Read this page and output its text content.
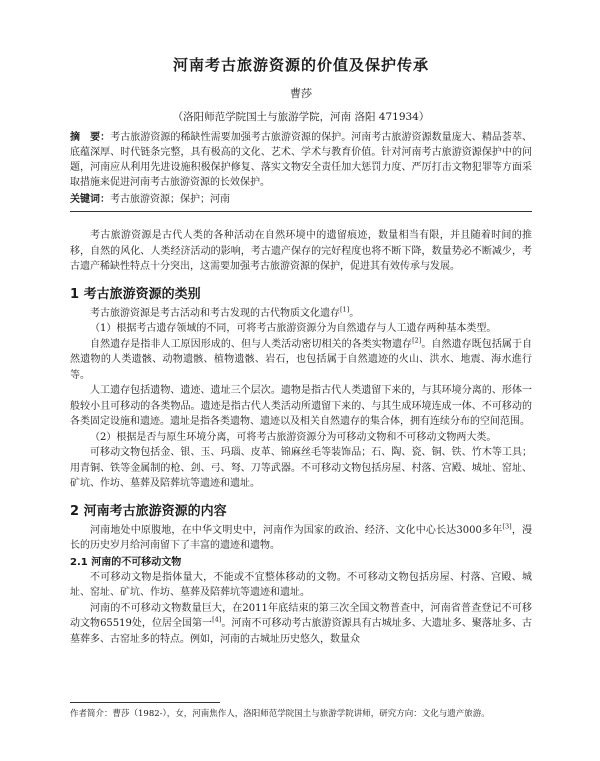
河南考古旅游资源的价值及保护传承
曹莎
（洛阳师范学院国土与旅游学院，河南 洛阳 471934）
摘　要：考古旅游资源的稀缺性需要加强考古旅游资源的保护。河南考古旅游资源数量庞大、精品荟萃、底蕴深厚、时代链条完整，具有极高的文化、艺术、学术与教育价值。针对河南考古旅游资源保护中的问题，河南应从利用先进设施积极保护修复、落实文物安全责任加大惩罚力度、严厉打击文物犯罪等方面采取措施来促进河南考古旅游资源的长效保护。
关键词：考古旅游资源；保护；河南

考古旅游资源是古代人类的各种活动在自然环境中的遗留痕迹，数量相当有限，并且随着时间的推移，自然的风化、人类经济活动的影响，考古遗产保存的完好程度也将不断下降，数量势必不断减少，考古遗产稀缺性特点十分突出，这需要加强考古旅游资源的保护，促进其有效传承与发展。

1 考古旅游资源的类别

考古旅游资源是考古活动和考古发现的古代物质文化遗存[1]。

（1）根据考古遗存领域的不同，可将考古旅游资源分为自然遗存与人工遗存两种基本类型。

自然遗存是指非人工原因形成的、但与人类活动密切相关的各类实物遗存[2]。自然遗存既包括属于自然遗物的人类遗骸、动物遗骸、植物遗骸、岩石，也包括属于自然遗迹的火山、洪水、地震、海水進行等。

人工遗存包括遗物、遗迹、遗址三个层次。遗物是指古代人类遗留下来的，与其环境分离的、形体一般较小且可移动的各类物品。遗迹是指古代人类活动所遗留下来的、与其生成环境连成一体、不可移动的各类固定设施和遗迹。遗址是指各类遗物、遗迹以及相关自然遗存的集合体，拥有连续分布的空间范围。

（2）根据是否与原生环境分离，可将考古旅游资源分为可移动文物和不可移动文物两大类。

可移动文物包括金、银、玉、玛瑙、皮革、锦麻丝毛等装饰品；石、陶、瓷、铜、铁、竹木等工具；用青铜、铁等金属制的枪、剑、弓、弩、刀等武器。不可移动文物包括房屋、村落、宫殿、城址、窑址、矿坑、作坊、墓葬及陪葬坑等遗迹和遗址。

2 河南考古旅游资源的内容

河南地处中原腹地，在中华文明史中，河南作为国家的政治、经济、文化中心长达3000多年[3]，漫长的历史岁月给河南留下了丰富的遗迹和遗物。

2.1 河南的不可移动文物

不可移动文物是指体量大，不能或不宜整体移动的文物。不可移动文物包括房屋、村落、宫殿、城址、窑址、矿坑、作坊、墓葬及陪葬坑等遗迹和遗址。

河南的不可移动文物数量巨大，在2011年底结束的第三次全国文物普查中，河南省普查登记不可移动文物65519处，位居全国第一[4]。河南不可移动考古旅游资源具有古城址多、大遗址多、聚落址多、古墓葬多、古窑址多的特点。例如，河南的古城址历史悠久，数量众

作者简介：曹莎（1982-），女，河南焦作人，洛阳师范学院国土与旅游学院讲师，研究方向：文化与遗产旅游。
